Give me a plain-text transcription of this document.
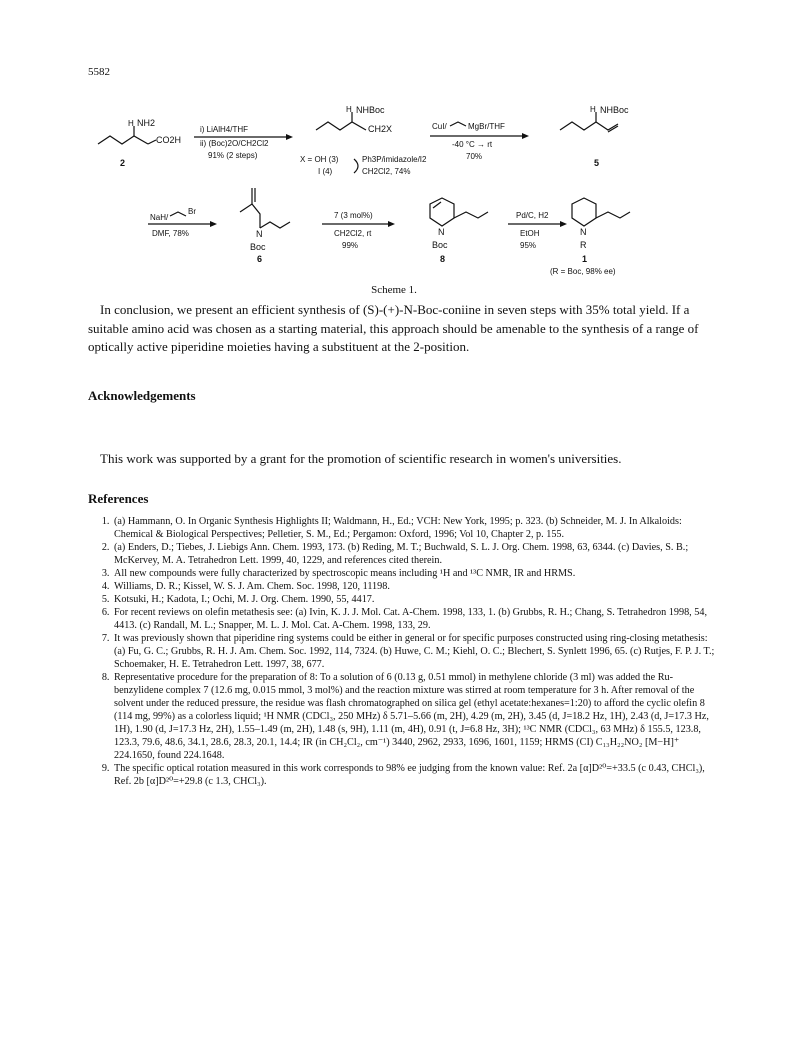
5582
H NH2
CO2H
2
i) LiAlH4/THF
ii) (Boc)2O/CH2Cl2
91% (2 steps)
H NHBoc
CH2X
X = OH (3)
I (4)
Ph3P/imidazole/I2
CH2Cl2, 74%
CuI/	MgBr/THF
-40 °C → rt
70%
H NHBoc
5
NaH/
Br
DMF, 78%	N
Boc
6
7 (3 mol%)
CH2Cl2, rt
99%
N
Boc
8
Pd/C, H2
EtOH
95%
N
R
1
(R = Boc, 98% ee)
Scheme 1.

In conclusion, we present an efficient synthesis of (S)-(+)-N-Boc-coniine in seven steps with 35% total yield. If a suitable amino acid was chosen as a starting material, this approach should be amenable to the synthesis of a range of optically active piperidine moieties having a substituent at the 2-position.

Acknowledgements

This work was supported by a grant for the promotion of scientific research in women's universities.

References
1. (a) Hammann, O. In Organic Synthesis Highlights II; Waldmann, H., Ed.; VCH: New York, 1995; p. 323. (b) Schneider, M. J. In Alkaloids: Chemical & Biological Perspectives; Pelletier, S. M., Ed.; Pergamon: Oxford, 1996; Vol 10, Chapter 2, p. 155.
2. (a) Enders, D.; Tiebes, J. Liebigs Ann. Chem. 1993, 173. (b) Reding, M. T.; Buchwald, S. L. J. Org. Chem. 1998, 63, 6344. (c) Davies, S. B.; McKervey, M. A. Tetrahedron Lett. 1999, 40, 1229, and references cited therein.
3. All new compounds were fully characterized by spectroscopic means including ¹H and ¹³C NMR, IR and HRMS.
4. Williams, D. R.; Kissel, W. S. J. Am. Chem. Soc. 1998, 120, 11198.
5. Kotsuki, H.; Kadota, I.; Ochi, M. J. Org. Chem. 1990, 55, 4417.
6. For recent reviews on olefin metathesis see: (a) Ivin, K. J. J. Mol. Cat. A-Chem. 1998, 133, 1. (b) Grubbs, R. H.; Chang, S. Tetrahedron 1998, 54, 4413. (c) Randall, M. L.; Snapper, M. L. J. Mol. Cat. A-Chem. 1998, 133, 29.
7. It was previously shown that piperidine ring systems could be either in general or for specific purposes constructed using ring-closing metathesis: (a) Fu, G. C.; Grubbs, R. H. J. Am. Chem. Soc. 1992, 114, 7324. (b) Huwe, C. M.; Kiehl, O. C.; Blechert, S. Synlett 1996, 65. (c) Rutjes, F. P. J. T.; Schoemaker, H. E. Tetrahedron Lett. 1997, 38, 677.
8. Representative procedure for the preparation of 8: To a solution of 6 (0.13 g, 0.51 mmol) in methylene chloride (3 ml) was added the Ru-benzylidene complex 7 (12.6 mg, 0.015 mmol, 3 mol%) and the reaction mixture was stirred at room temperature for 3 h. After removal of the solvent under the reduced pressure, the residue was flash chromatographed on silica gel (ethyl acetate:hexanes=1:20) to afford the cyclic olefin 8 (114 mg, 99%) as a colorless liquid; ¹H NMR (CDCl₃, 250 MHz) δ 5.71–5.66 (m, 2H), 4.29 (m, 2H), 3.45 (d, J=18.2 Hz, 1H), 2.43 (d, J=17.3 Hz, 1H), 1.90 (d, J=17.3 Hz, 2H), 1.55–1.49 (m, 2H), 1.48 (s, 9H), 1.11 (m, 4H), 0.91 (t, J=6.8 Hz, 3H); ¹³C NMR (CDCl₃, 63 MHz) δ 155.5, 123.8, 123.3, 79.6, 48.6, 34.1, 28.6, 28.3, 20.1, 14.4; IR (in CH₂Cl₂, cm⁻¹) 3440, 2962, 2933, 1696, 1601, 1159; HRMS (CI) C₁₃H₂₂NO₂ [M−H]⁺ 224.1650, found 224.1648.
9. The specific optical rotation measured in this work corresponds to 98% ee judging from the known value: Ref. 2a [α]D²⁰=+33.5 (c 0.43, CHCl₃), Ref. 2b [α]D²⁰=+29.8 (c 1.3, CHCl₃).
